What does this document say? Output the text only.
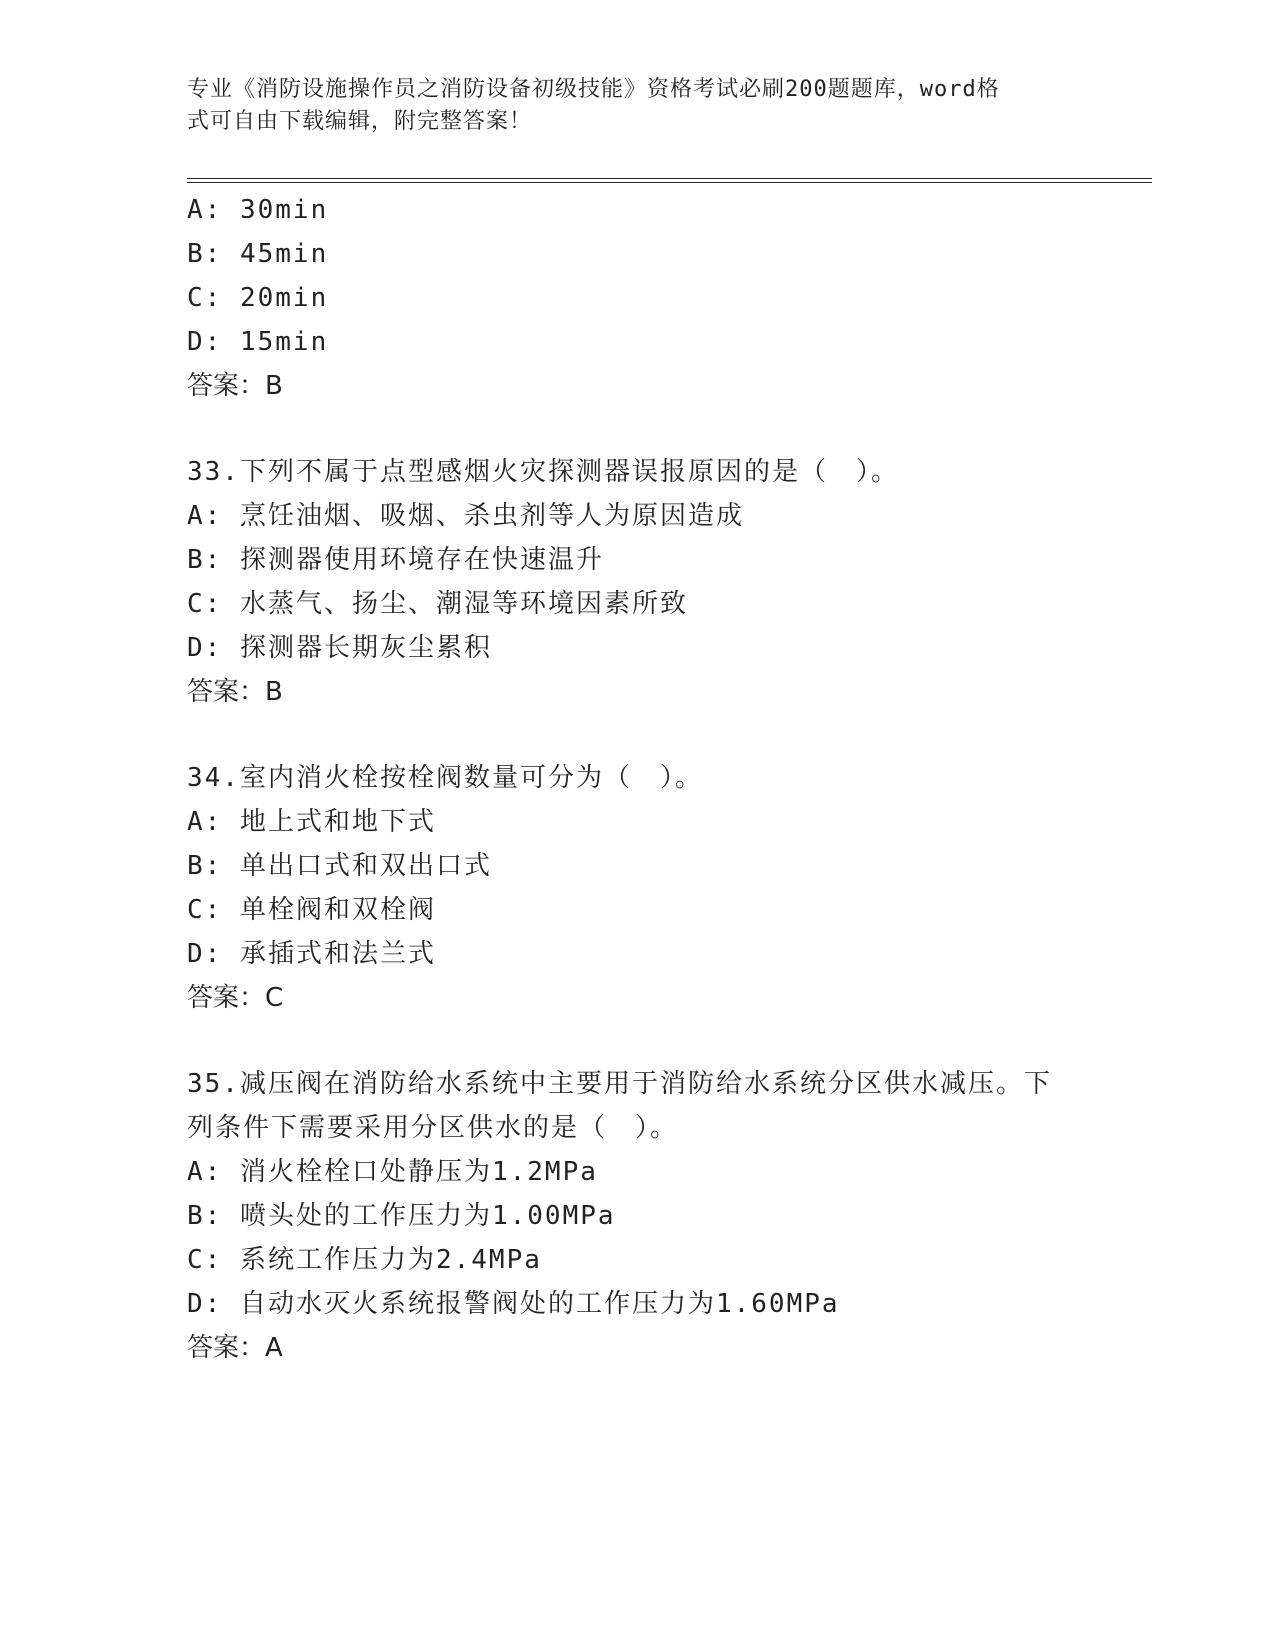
专业《消防设施操作员之消防设备初级技能》资格考试必刷200题题库，word格
式可自由下载编辑，附完整答案！
A: 30min
B: 45min
C: 20min
D: 15min
答案：B
33.下列不属于点型感烟火灾探测器误报原因的是（　）。
A: 烹饪油烟、吸烟、杀虫剂等人为原因造成
B: 探测器使用环境存在快速温升
C: 水蒸气、扬尘、潮湿等环境因素所致
D: 探测器长期灰尘累积
答案：B
34.室内消火栓按栓阀数量可分为（　）。
A: 地上式和地下式
B: 单出口式和双出口式
C: 单栓阀和双栓阀
D: 承插式和法兰式
答案：C
35.减压阀在消防给水系统中主要用于消防给水系统分区供水减压。下
列条件下需要采用分区供水的是（　）。
A: 消火栓栓口处静压为1.2MPa
B: 喷头处的工作压力为1.00MPa
C: 系统工作压力为2.4MPa
D: 自动水灭火系统报警阀处的工作压力为1.60MPa
答案：A
